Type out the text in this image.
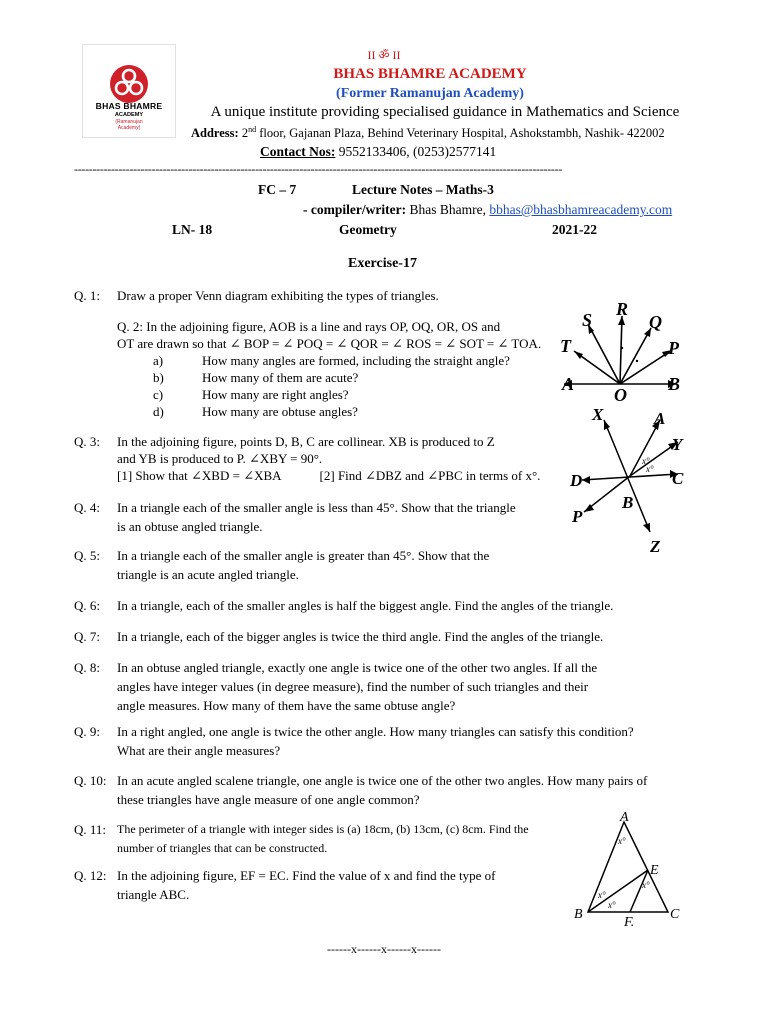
BHAS BHAMRE
ACADEMY
(Ramanujan
Academy)
II ॐ II
BHAS BHAMRE ACADEMY
(Former Ramanujan Academy)
A unique institute providing specialised guidance in Mathematics and Science
Address: 2nd floor, Gajanan Plaza, Behind Veterinary Hospital, Ashokstambh, Nashik- 422002
Contact Nos: 9552133406, (0253)2577141
------------------------------------------------------------------------------------------------------------------------------------
FC – 7	Lecture Notes – Maths-3
- compiler/writer: Bhas Bhamre, bbhas@bhasbhamreacademy.com
LN- 18	Geometry	2021-22
Exercise-17
Q. 1:	Draw a proper Venn diagram exhibiting the types of triangles.
Q. 2: In the adjoining figure, AOB is a line and rays OP, OQ, OR, OS and
OT are drawn so that ∠ BOP = ∠ POQ = ∠ QOR = ∠ ROS = ∠ SOT = ∠ TOA.
a)	How many angles are formed, including the straight angle?
b)	How many of them are acute?
c)	How many are right angles?
d)	How many are obtuse angles?
Q. 3:	In the adjoining figure, points D, B, C are collinear. XB is produced to Z
and YB is produced to P. ∠XBY = 90°.
[1] Show that ∠XBD = ∠XBA	[2] Find ∠DBZ and ∠PBC in terms of x°.
Q. 4:	In a triangle each of the smaller angle is less than 45°. Show that the triangle
is an obtuse angled triangle.
Q. 5:	In a triangle each of the smaller angle is greater than 45°. Show that the
triangle is an acute angled triangle.
Q. 6:	In a triangle, each of the smaller angles is half the biggest angle. Find the angles of the triangle.
Q. 7:	In a triangle, each of the bigger angles is twice the third angle. Find the angles of the triangle.
Q. 8:	In an obtuse angled triangle, exactly one angle is twice one of the other two angles. If all the
angles have integer values (in degree measure), find the number of such triangles and their
angle measures. How many of them have the same obtuse angle?
Q. 9:	In a right angled, one angle is twice the other angle. How many triangles can satisfy this condition?
What are their angle measures?
Q. 10: In an acute angled scalene triangle, one angle is twice one of the other two angles. How many pairs of
these triangles have angle measure of one angle common?
Q. 11: The perimeter of a triangle with integer sides is (a) 18cm, (b) 13cm, (c) 8cm. Find the
number of triangles that can be constructed.
Q. 12: In the adjoining figure, EF = EC. Find the value of x and find the type of
triangle ABC.
S
R
Q
T	P
A
O
B
X	A
Y
D	C
B
P
Z
x°
x°
A
B	C
E
F.
x°
x°
x°
x°
------x------x------x------
